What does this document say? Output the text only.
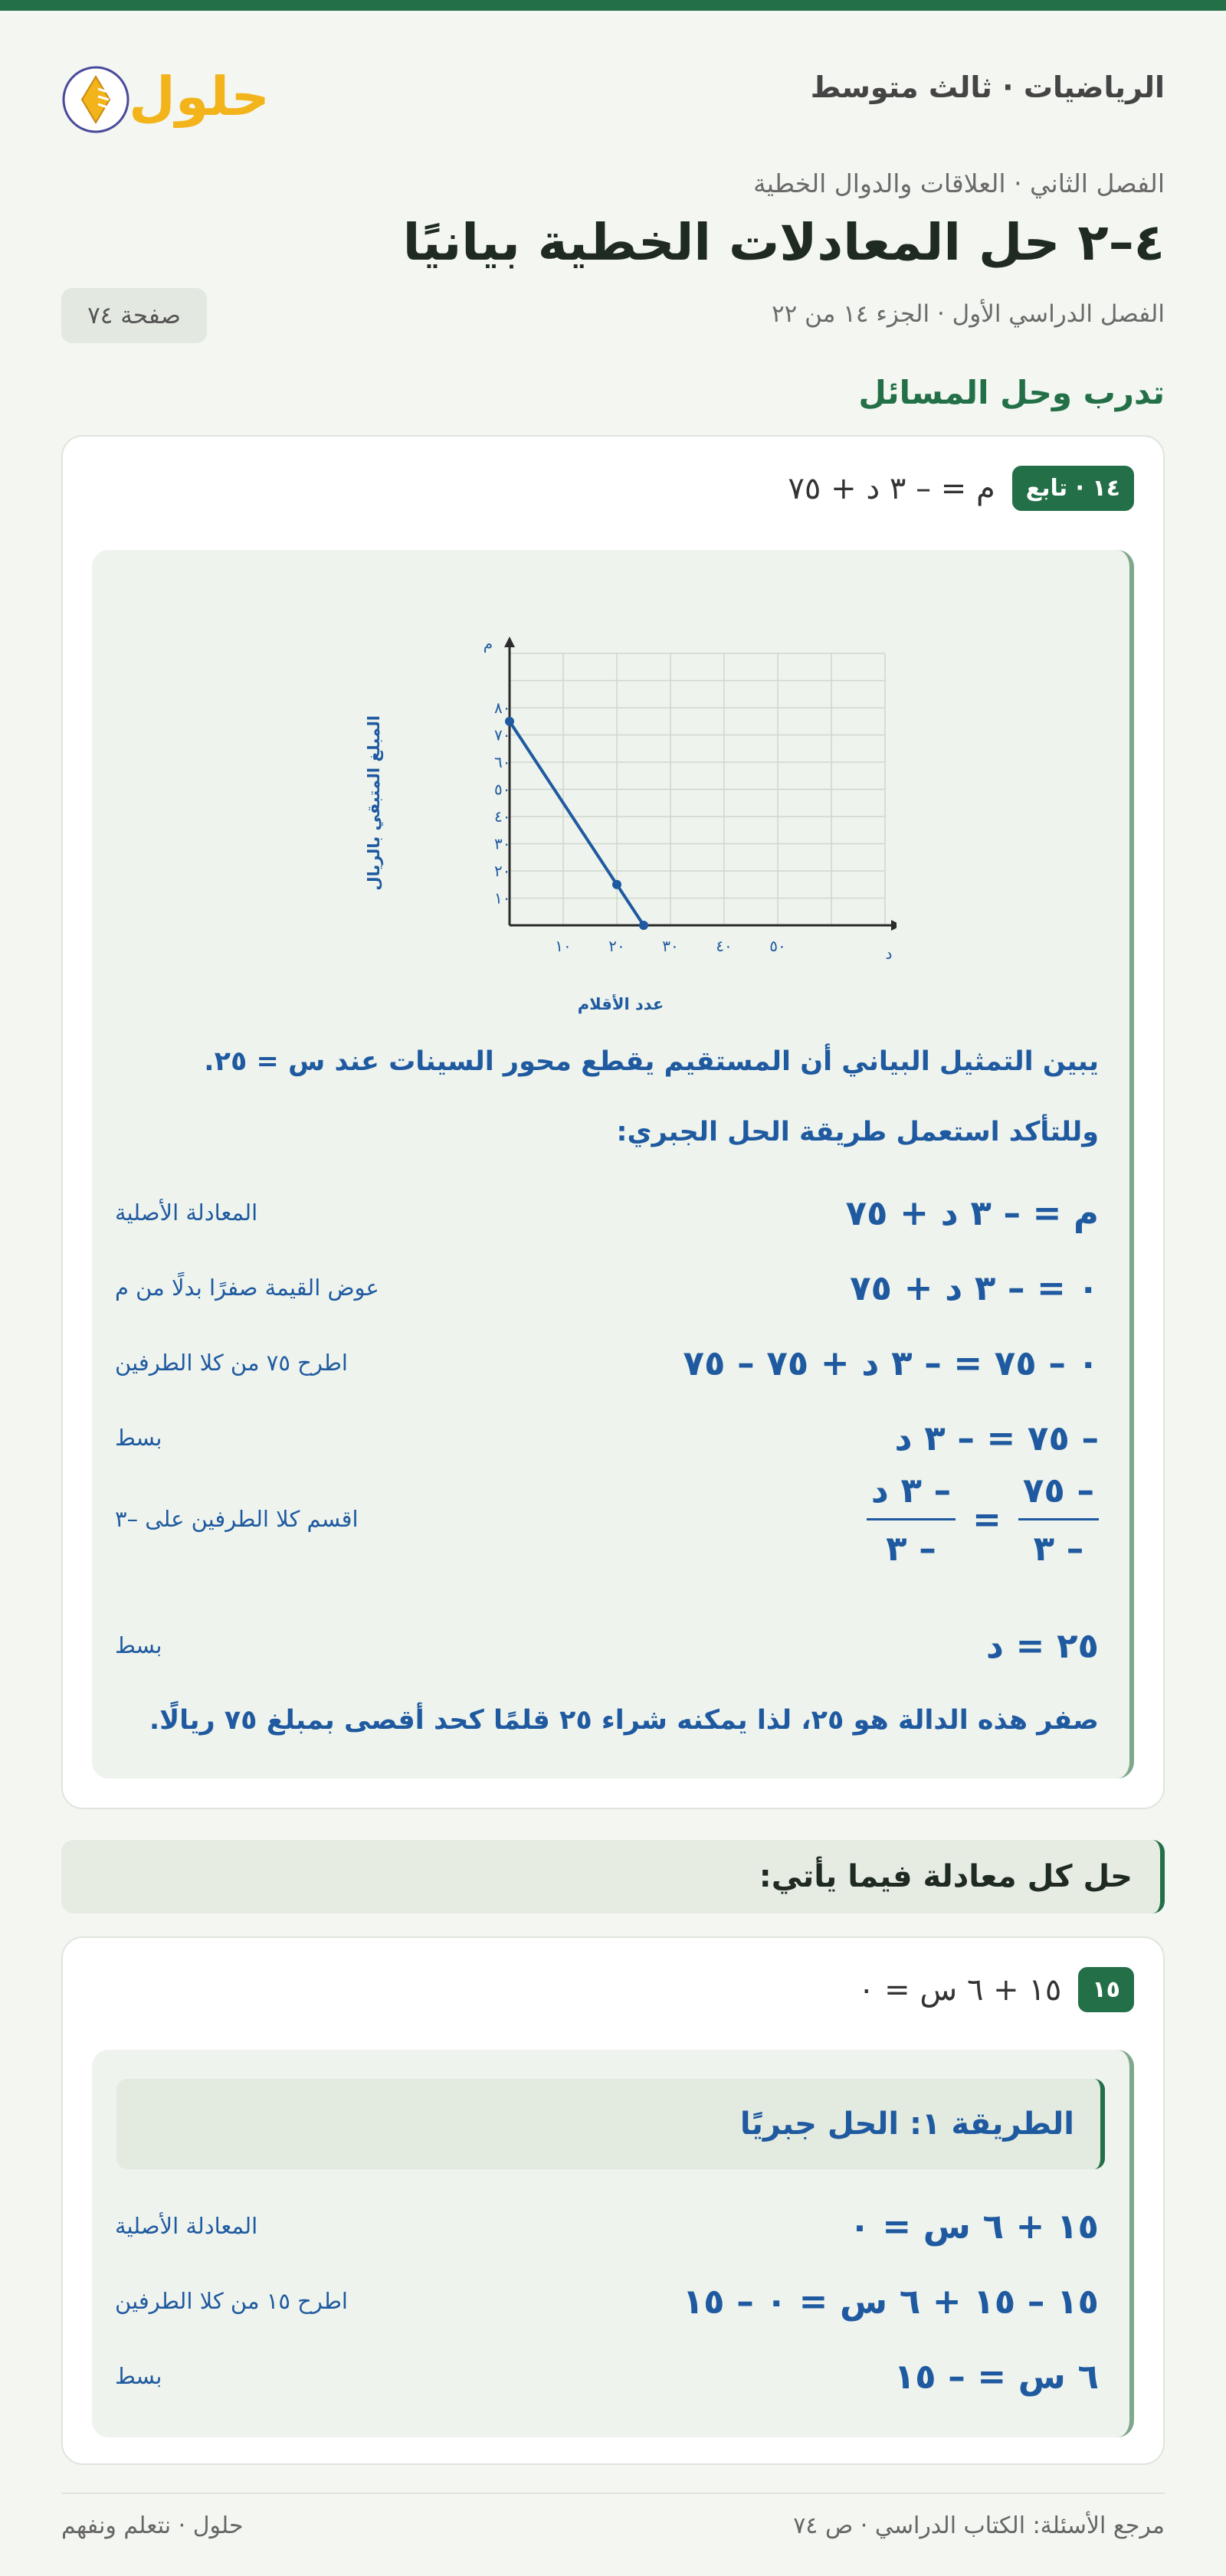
الرياضيات · ثالث متوسط
حلول
الفصل الثاني · العلاقات والدوال الخطية
٤–٢ حل المعادلات الخطية بيانيًا
الفصل الدراسي الأول · الجزء ١٤ من ٢٢
صفحة ٧٤
تدرب وحل المسائل
١٤ · تابع
م = – ٣ د + ٧٥
١٠ ٢٠ ٣٠ ٤٠ ٥٠
١٠
٢٠
٣٠
٤٠
٥٠
٦٠
٧٠
٨٠
د
م
عدد الأقلام
المبلغ المتبقي بالريال
يبين التمثيل البياني أن المستقيم يقطع محور السينات عند س = ٢٥.
وللتأكد استعمل طريقة الحل الجبري:
م = – ٣ د + ٧٥
المعادلة الأصلية
٠ = – ٣ د + ٧٥
عوض القيمة صفرًا بدلًا من م
٠ – ٧٥ = – ٣ د + ٧٥ – ٧٥
اطرح ٧٥ من كلا الطرفين
– ٧٥ = – ٣ د
بسط
$\frac{- ٧٥}{- ٣}$
=
$\frac{\text{– ٣ د}}{- ٣}$
اقسم كلا الطرفين على –٣
٢٥ = د
بسط
صفر هذه الدالة هو ٢٥، لذا يمكنه شراء ٢٥ قلمًا كحد أقصى بمبلغ ٧٥ ريالًا.
حل كل معادلة فيما يأتي:
١٥
١٥ + ٦ س = ٠
الطريقة ١: الحل جبريًا
١٥ + ٦ س = ٠
المعادلة الأصلية
١٥ – ١٥ + ٦ س = ٠ – ١٥
اطرح ١٥ من كلا الطرفين
٦ س = – ١٥
بسط
مرجع الأسئلة: الكتاب الدراسي · ص ٧٤
حلول · نتعلم ونفهم
